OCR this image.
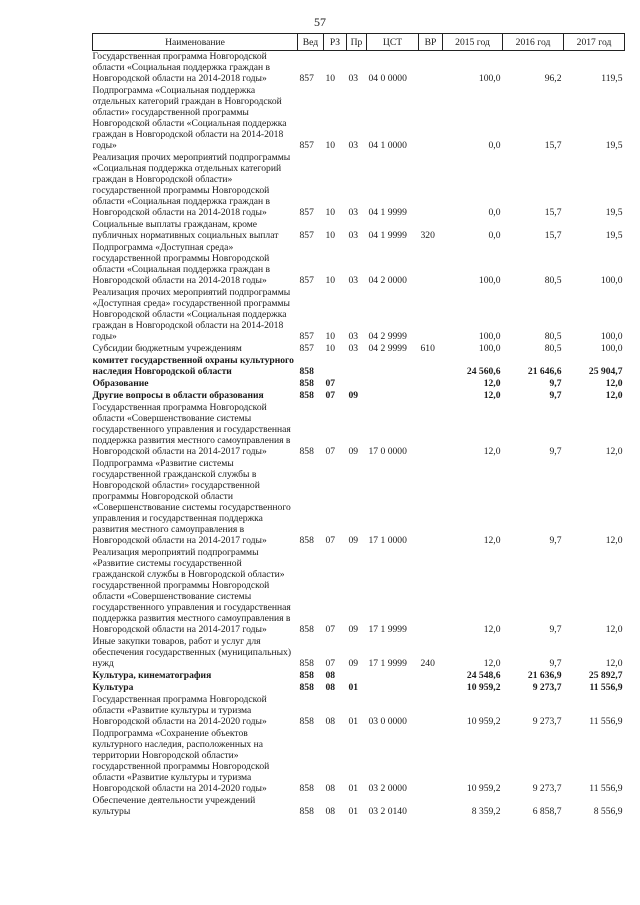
57
Наименование	Вед	РЗ	Пр	ЦСТ	ВР	2015 год	2016 год	2017 год
Государственная программа Новгородской области «Социальная поддержка граждан в Новгородской области на 2014-2018 годы»	857	10	03	04 0 0000		100,0	96,2	119,5
Подпрограмма «Социальная поддержка отдельных категорий граждан в Новгородской области» государственной программы Новгородской области «Социальная поддержка граждан в Новгородской области на 2014-2018 годы»	857	10	03	04 1 0000		0,0	15,7	19,5
Реализация прочих мероприятий подпрограммы «Социальная поддержка отдельных категорий граждан в Новгородской области» государственной программы Новгородской области «Социальная поддержка граждан в Новгородской области на 2014-2018 годы»	857	10	03	04 1 9999		0,0	15,7	19,5
Социальные выплаты гражданам, кроме публичных нормативных социальных выплат	857	10	03	04 1 9999	320	0,0	15,7	19,5
Подпрограмма «Доступная среда» государственной программы Новгородской области «Социальная поддержка граждан в Новгородской области на 2014-2018 годы»	857	10	03	04 2 0000		100,0	80,5	100,0
Реализация прочих мероприятий подпрограммы «Доступная среда» государственной программы Новгородской области «Социальная поддержка граждан в Новгородской области на 2014-2018 годы»	857	10	03	04 2 9999		100,0	80,5	100,0
Субсидии бюджетным учреждениям	857	10	03	04 2 9999	610	100,0	80,5	100,0
комитет государственной охраны культурного наследия Новгородской области	858					24 560,6	21 646,6	25 904,7
Образование	858	07				12,0	9,7	12,0
Другие вопросы в области образования	858	07	09			12,0	9,7	12,0
Государственная программа Новгородской области «Совершенствование системы государственного управления и государственная поддержка развития местного самоуправления в Новгородской области на 2014-2017 годы»	858	07	09	17 0 0000		12,0	9,7	12,0
Подпрограмма «Развитие системы государственной гражданской службы в Новгородской области» государственной программы Новгородской области «Совершенствование системы государственного управления и государственная поддержка развития местного самоуправления в Новгородской области на 2014-2017 годы»	858	07	09	17 1 0000		12,0	9,7	12,0
Реализация мероприятий подпрограммы «Развитие системы государственной гражданской службы в Новгородской области» государственной программы Новгородской области «Совершенствование системы государственного управления и государственная поддержка развития местного самоуправления в Новгородской области на 2014-2017 годы»	858	07	09	17 1 9999		12,0	9,7	12,0
Иные закупки товаров, работ и услуг для обеспечения государственных (муниципальных) нужд	858	07	09	17 1 9999	240	12,0	9,7	12,0
Культура, кинематография	858	08				24 548,6	21 636,9	25 892,7
Культура	858	08	01			10 959,2	9 273,7	11 556,9
Государственная программа Новгородской области «Развитие культуры и туризма Новгородской области на 2014-2020 годы»	858	08	01	03 0 0000		10 959,2	9 273,7	11 556,9
Подпрограмма «Сохранение объектов культурного наследия, расположенных на территории Новгородской области» государственной программы Новгородской области «Развитие культуры и туризма Новгородской области на 2014-2020 годы»	858	08	01	03 2 0000		10 959,2	9 273,7	11 556,9
Обеспечение деятельности учреждений культуры	858	08	01	03 2 0140		8 359,2	6 858,7	8 556,9
